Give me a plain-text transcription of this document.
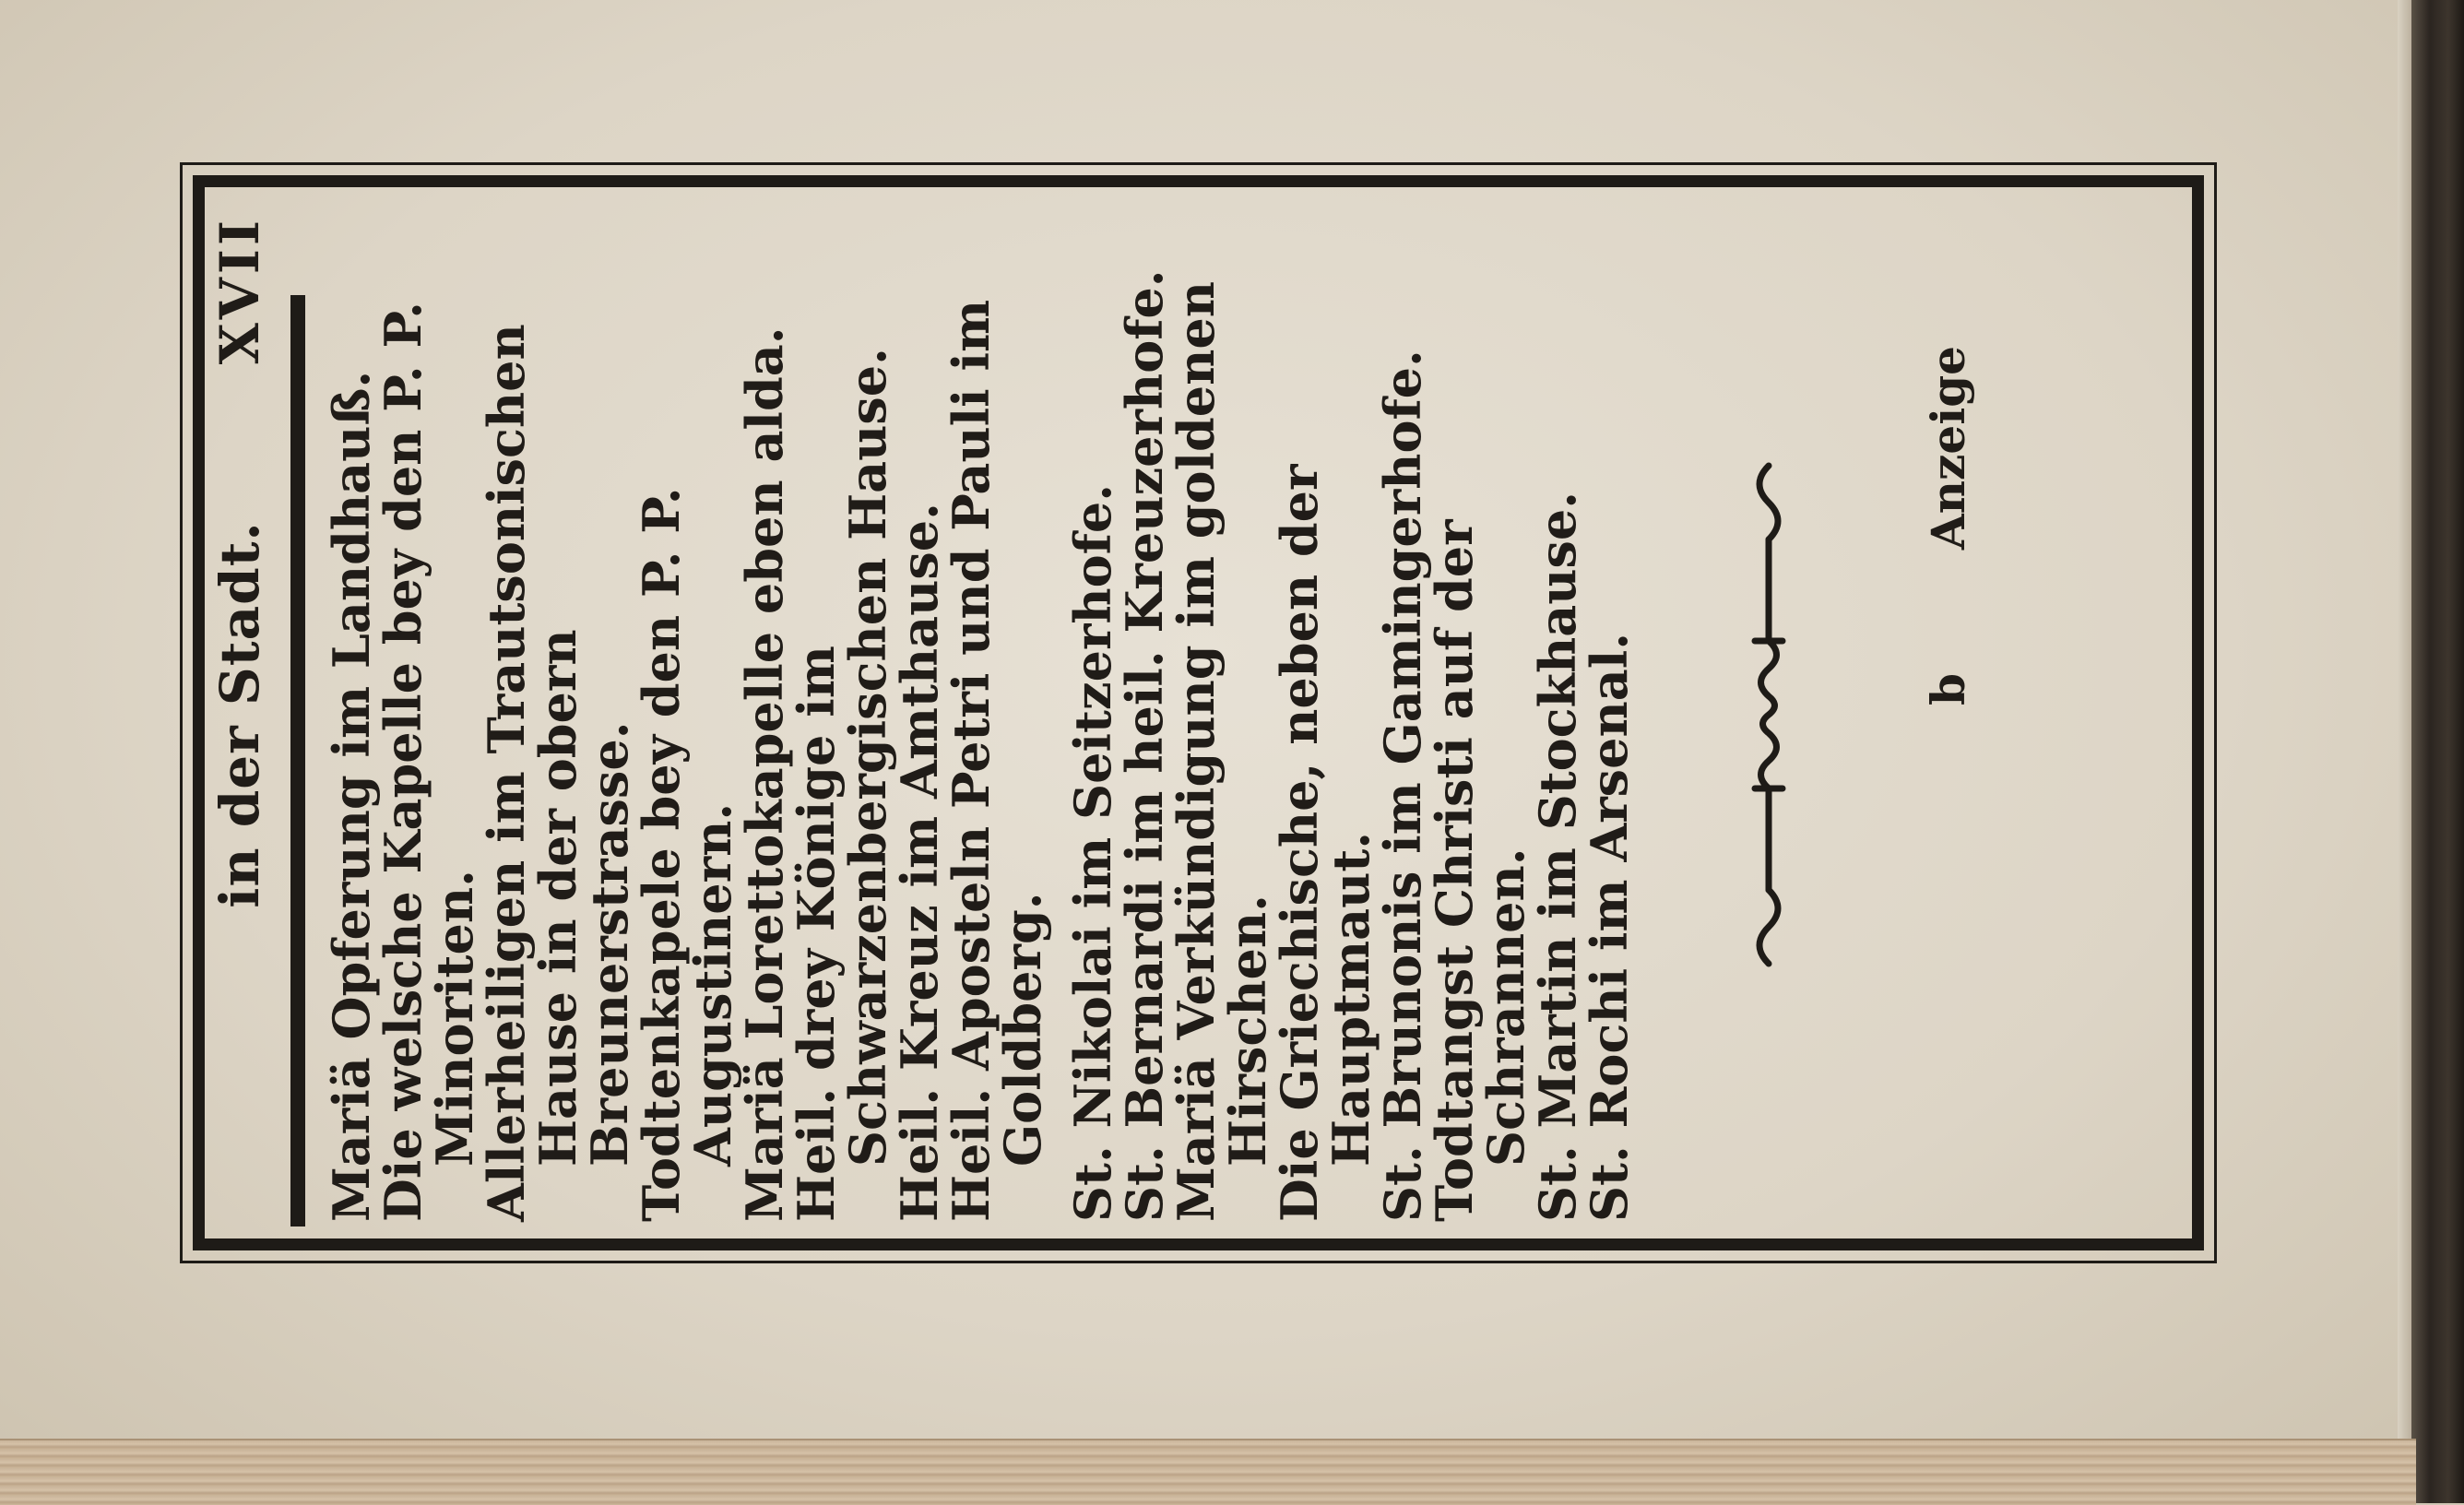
in der Stadt.
XVII
Mariä Opferung im Landhauß.
Die welsche Kapelle bey den P. P. Minoriten.
Allerheiligen im Trautsonischen Hause in der obern Breunerstrasse.
Todtenkapele bey den P. P. Augustinern.
Mariä Lorettokapelle eben alda.
Heil. drey Könige im Schwarzenbergischen Hause.
Heil. Kreuz im Amthause.
Heil. Aposteln Petri und Pauli im Goldberg. St. Nikolai im Seitzerhofe.
St. Bernardi im heil. Kreuzerhofe.
Mariä Verkündigung im goldenen Hirschen.
Die Griechische, neben der Hauptmaut.
St. Brunonis im Gamingerhofe.
Todtangst Christi auf der Schrannen.
St. Martin im Stockhause.
St. Rochi im Arsenal.	b
Anzeige
